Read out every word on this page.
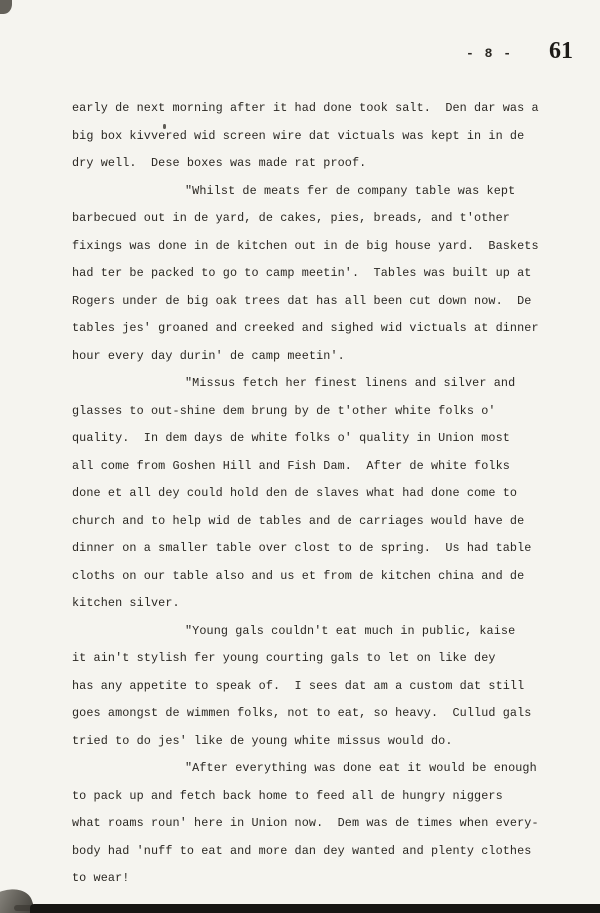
- 8 - 61
early de next morning after it had done took salt.  Den dar was a
big box kivvered wid screen wire dat victuals was kept in in de
dry well.  Dese boxes was made rat proof.
"Whilst de meats fer de company table was kept
barbecued out in de yard, de cakes, pies, breads, and t'other
fixings was done in de kitchen out in de big house yard.  Baskets
had ter be packed to go to camp meetin'.  Tables was built up at
Rogers under de big oak trees dat has all been cut down now.  De
tables jes' groaned and creeked and sighed wid victuals at dinner
hour every day durin' de camp meetin'.
"Missus fetch her finest linens and silver and
glasses to out-shine dem brung by de t'other white folks o'
quality.  In dem days de white folks o' quality in Union most
all come from Goshen Hill and Fish Dam.  After de white folks
done et all dey could hold den de slaves what had done come to
church and to help wid de tables and de carriages would have de
dinner on a smaller table over clost to de spring.  Us had table
cloths on our table also and us et from de kitchen china and de
kitchen silver.
"Young gals couldn't eat much in public, kaise
it ain't stylish fer young courting gals to let on like dey
has any appetite to speak of.  I sees dat am a custom dat still
goes amongst de wimmen folks, not to eat, so heavy.  Cullud gals
tried to do jes' like de young white missus would do.
"After everything was done eat it would be enough
to pack up and fetch back home to feed all de hungry niggers
what roams roun' here in Union now.  Dem was de times when every-
body had 'nuff to eat and more dan dey wanted and plenty clothes
to wear!
